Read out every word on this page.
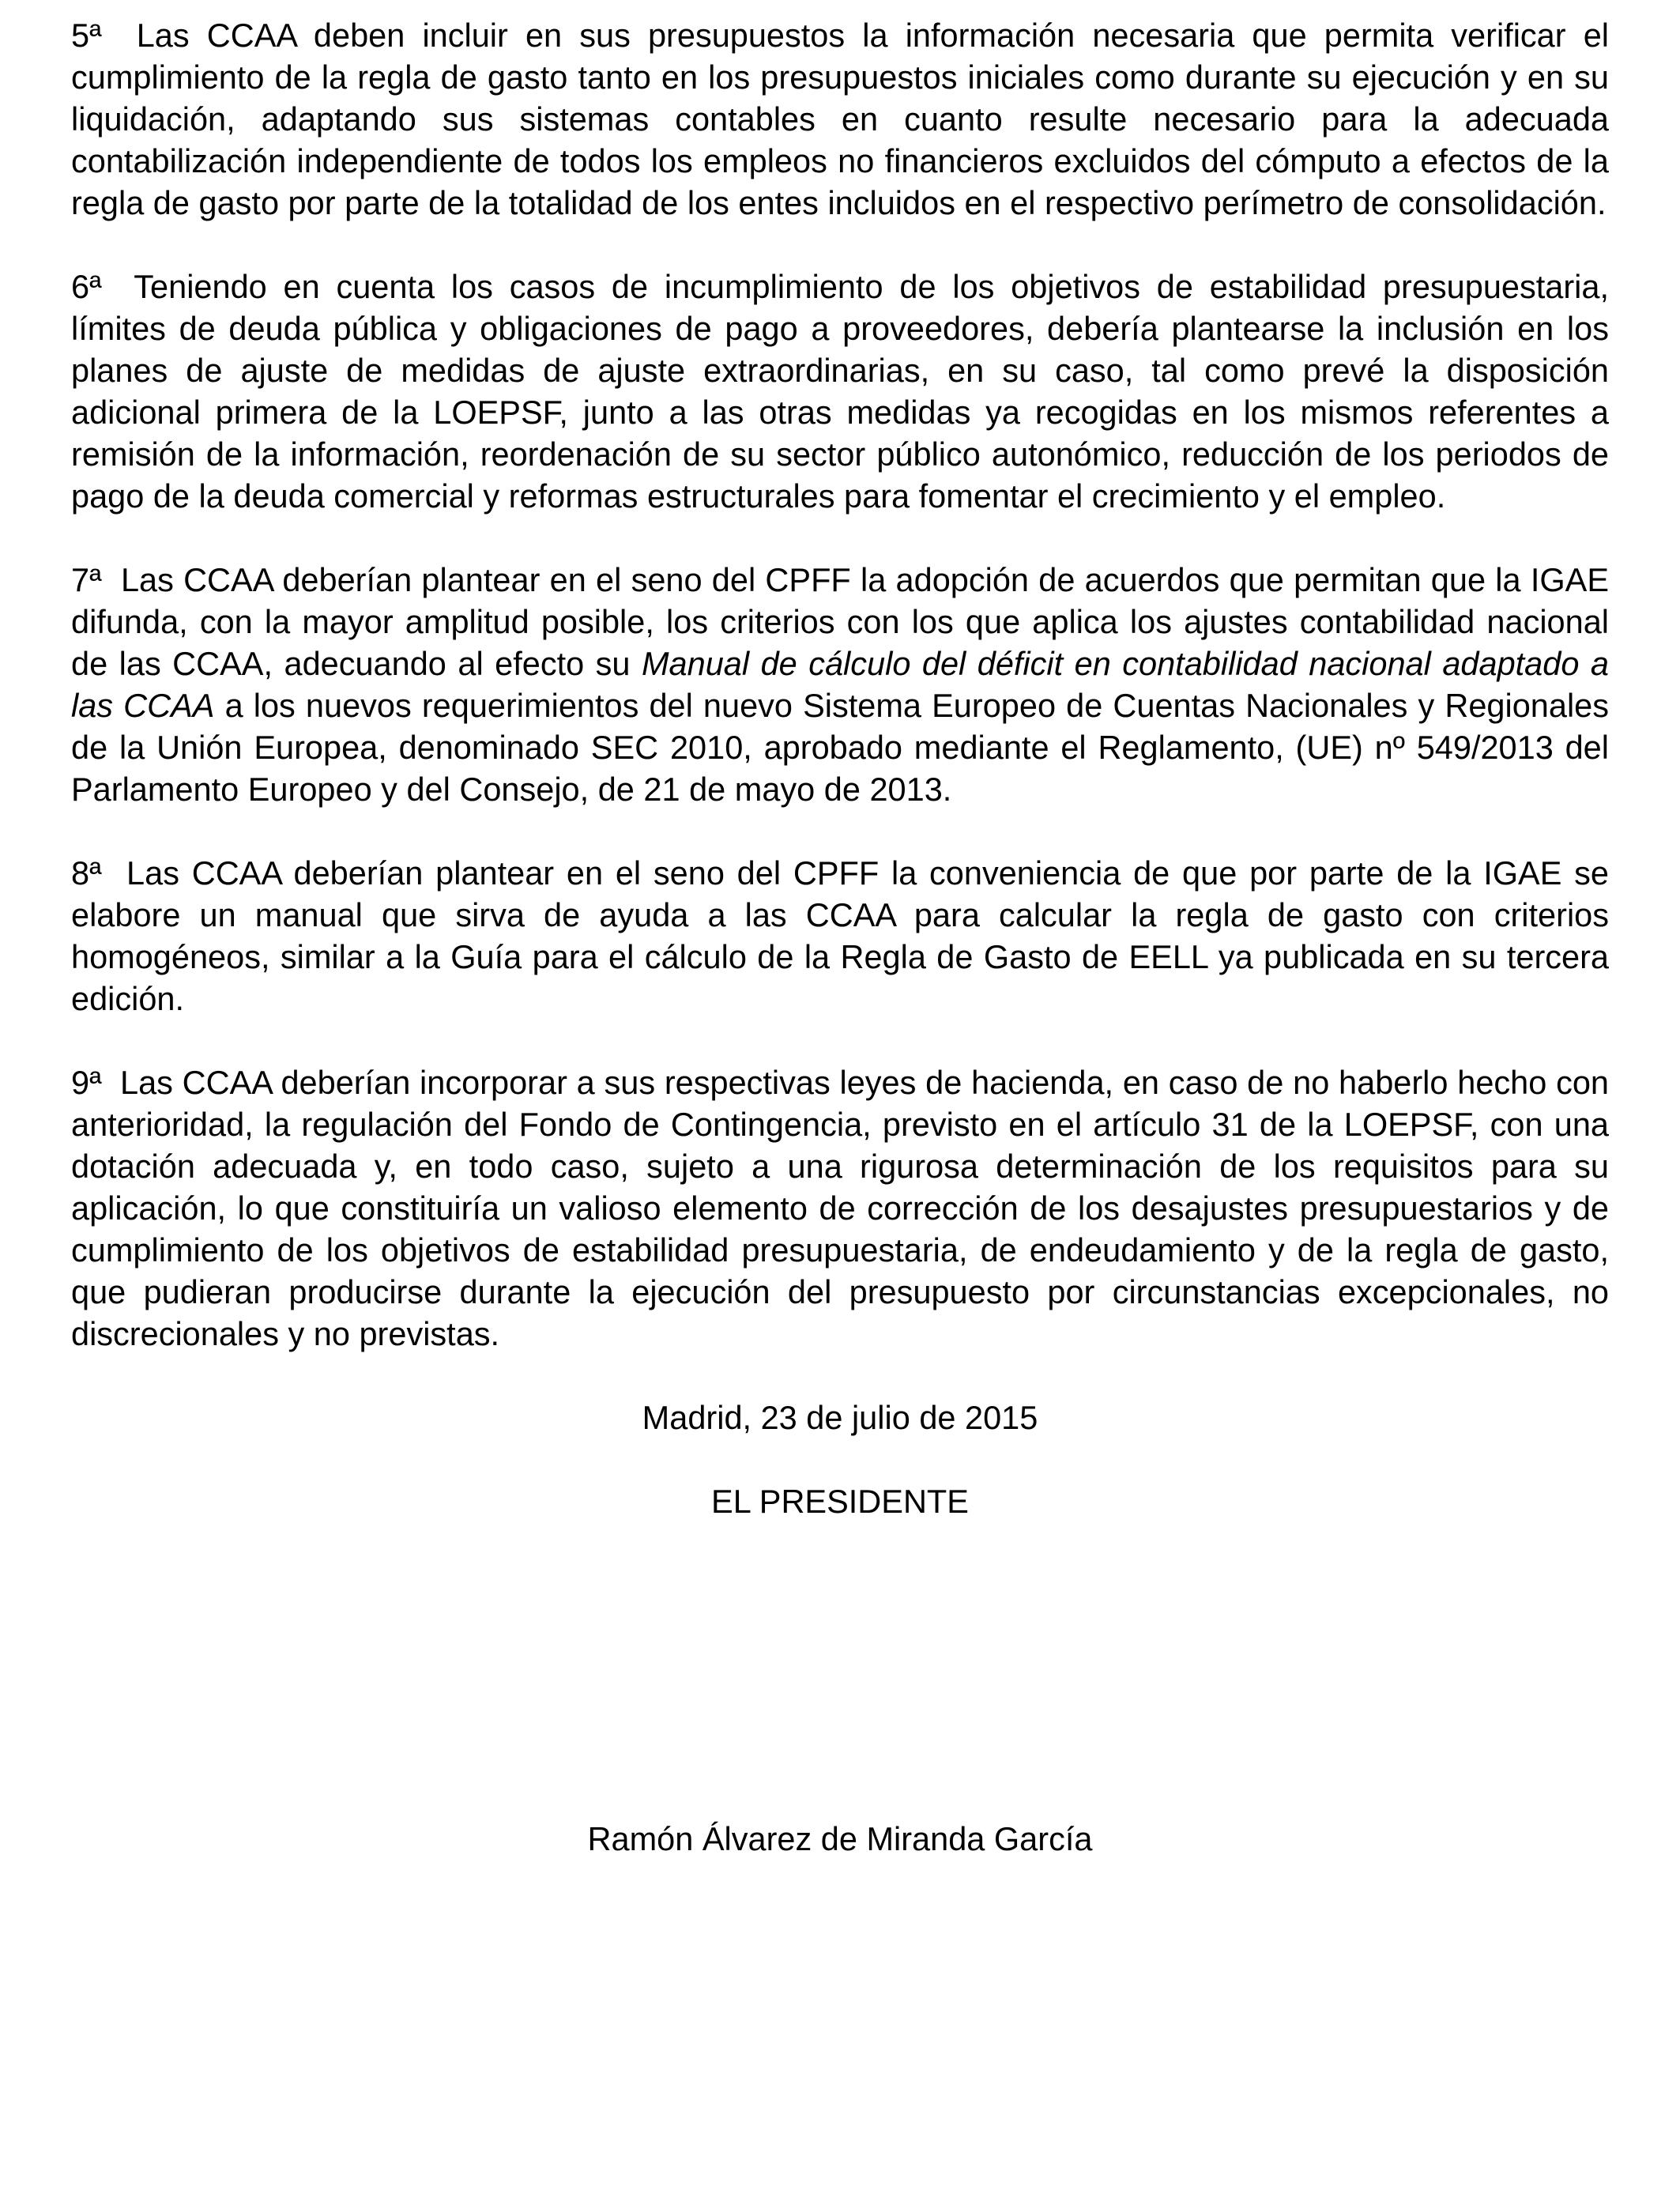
5ª Las CCAA deben incluir en sus presupuestos la información necesaria que permita verificar el cumplimiento de la regla de gasto tanto en los presupuestos iniciales como durante su ejecución y en su liquidación, adaptando sus sistemas contables en cuanto resulte necesario para la adecuada contabilización independiente de todos los empleos no financieros excluidos del cómputo a efectos de la regla de gasto por parte de la totalidad de los entes incluidos en el respectivo perímetro de consolidación.

6ª Teniendo en cuenta los casos de incumplimiento de los objetivos de estabilidad presupuestaria, límites de deuda pública y obligaciones de pago a proveedores, debería plantearse la inclusión en los planes de ajuste de medidas de ajuste extraordinarias, en su caso, tal como prevé la disposición adicional primera de la LOEPSF, junto a las otras medidas ya recogidas en los mismos referentes a remisión de la información, reordenación de su sector público autonómico, reducción de los periodos de pago de la deuda comercial y reformas estructurales para fomentar el crecimiento y el empleo.

7ª Las CCAA deberían plantear en el seno del CPFF la adopción de acuerdos que permitan que la IGAE difunda, con la mayor amplitud posible, los criterios con los que aplica los ajustes contabilidad nacional de las CCAA, adecuando al efecto su Manual de cálculo del déficit en contabilidad nacional adaptado a las CCAA a los nuevos requerimientos del nuevo Sistema Europeo de Cuentas Nacionales y Regionales de la Unión Europea, denominado SEC 2010, aprobado mediante el Reglamento, (UE) nº 549/2013 del Parlamento Europeo y del Consejo, de 21 de mayo de 2013.

8ª Las CCAA deberían plantear en el seno del CPFF la conveniencia de que por parte de la IGAE se elabore un manual que sirva de ayuda a las CCAA para calcular la regla de gasto con criterios homogéneos, similar a la Guía para el cálculo de la Regla de Gasto de EELL ya publicada en su tercera edición.

9ª Las CCAA deberían incorporar a sus respectivas leyes de hacienda, en caso de no haberlo hecho con anterioridad, la regulación del Fondo de Contingencia, previsto en el artículo 31 de la LOEPSF, con una dotación adecuada y, en todo caso, sujeto a una rigurosa determinación de los requisitos para su aplicación, lo que constituiría un valioso elemento de corrección de los desajustes presupuestarios y de cumplimiento de los objetivos de estabilidad presupuestaria, de endeudamiento y de la regla de gasto, que pudieran producirse durante la ejecución del presupuesto por circunstancias excepcionales, no discrecionales y no previstas.

Madrid, 23 de julio de 2015

EL PRESIDENTE

Ramón Álvarez de Miranda García
